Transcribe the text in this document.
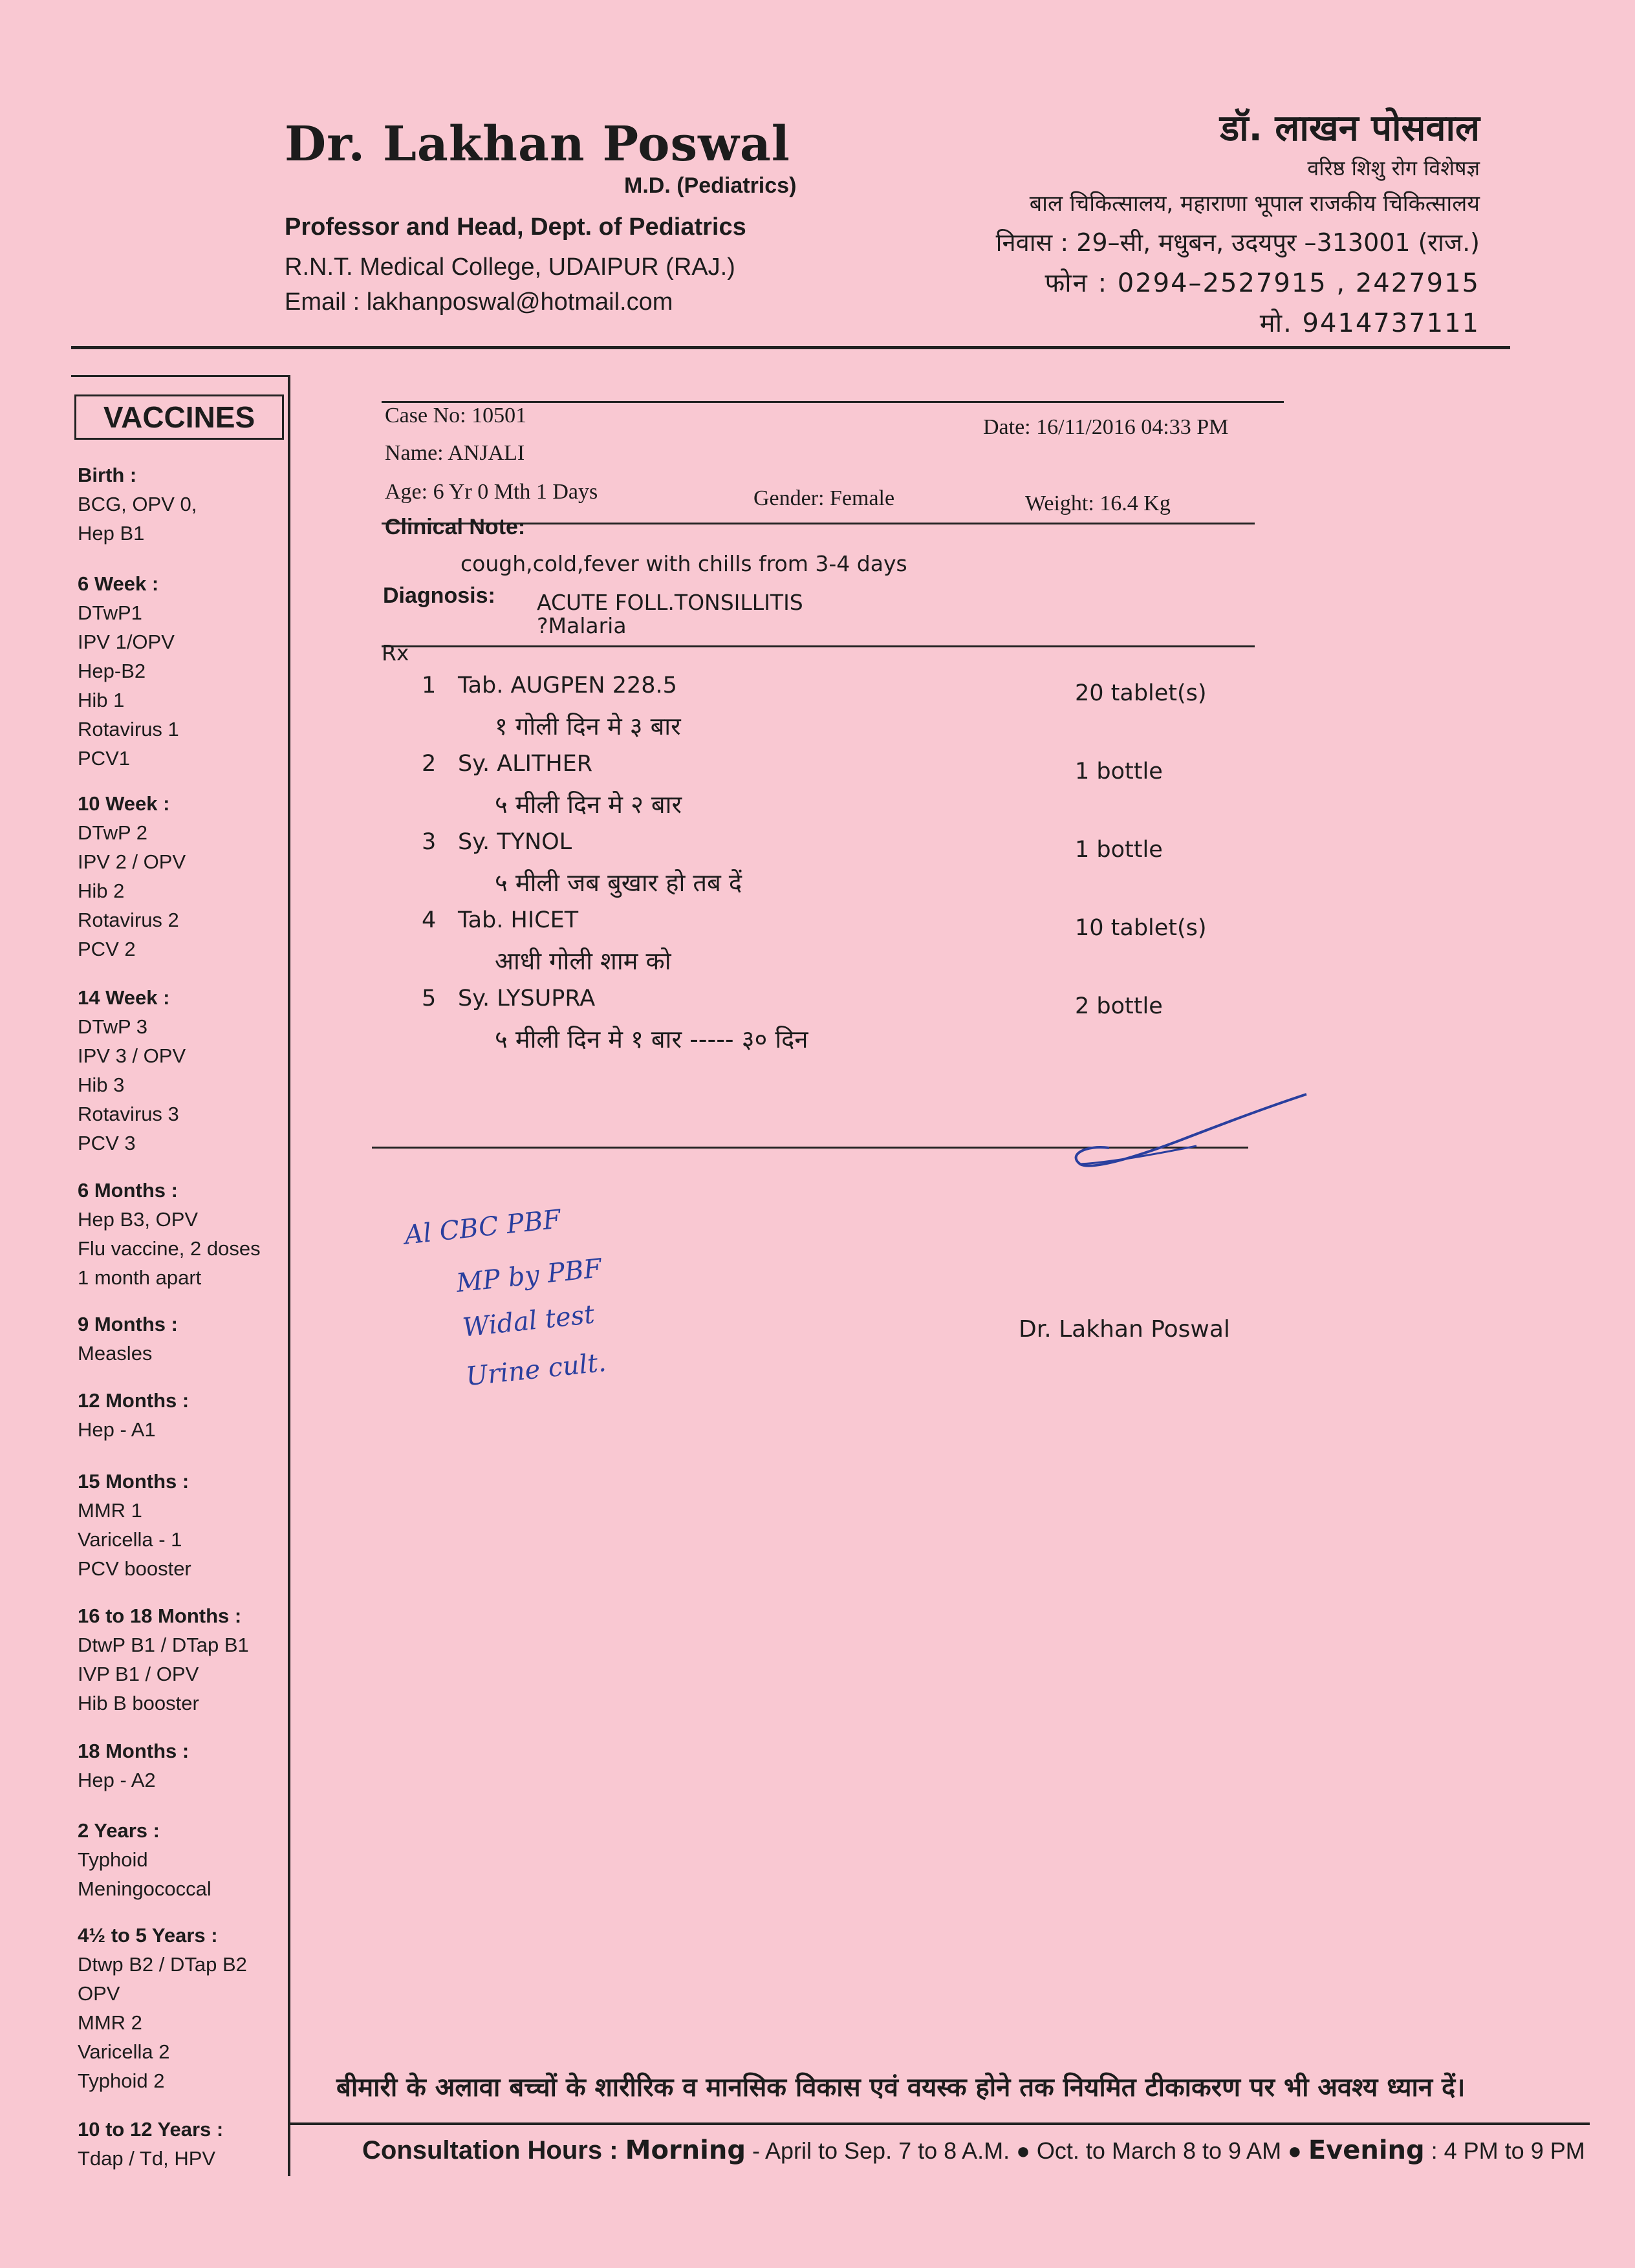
Dr. Lakhan Poswal
M.D. (Pediatrics)
Professor and Head, Dept. of Pediatrics
R.N.T. Medical College, UDAIPUR (RAJ.)
Email : lakhanposwal@hotmail.com
डॉ. लाखन पोसवाल
वरिष्ठ शिशु रोग विशेषज्ञ
बाल चिकित्सालय, महाराणा भूपाल राजकीय चिकित्सालय
निवास : 29–सी, मधुबन, उदयपुर –313001 (राज.)
फोन : 0294–2527915 , 2427915
मो. 9414737111
VACCINES
Birth :
BCG, OPV 0,
Hep B1
6 Week :
DTwP1
IPV 1/OPV
Hep-B2
Hib 1
Rotavirus 1
PCV1
10 Week :
DTwP 2
IPV 2 / OPV
Hib 2
Rotavirus 2
PCV 2
14 Week :
DTwP 3
IPV 3 / OPV
Hib 3
Rotavirus 3
PCV 3
6 Months :
Hep B3, OPV
Flu vaccine, 2 doses
1 month apart
9 Months :
Measles
12 Months :
Hep - A1
15 Months :
MMR 1
Varicella - 1
PCV booster
16 to 18 Months :
DtwP B1 / DTap B1
IVP B1 / OPV
Hib B booster
18 Months :
Hep - A2
2 Years :
Typhoid
Meningococcal
4½ to 5 Years :
Dtwp B2 / DTap B2
OPV
MMR 2
Varicella 2
Typhoid 2
10 to 12 Years :
Tdap / Td, HPV
Case No: 10501	Date: 16/11/2016 04:33 PM
Name: ANJALI
Age: 6 Yr 0 Mth 1 Days	Gender: Female	Weight: 16.4 Kg
Clinical Note:
cough,cold,fever with chills from 3-4 days
Diagnosis: ACUTE FOLL.TONSILLITIS
?Malaria
Rx
1 Tab. AUGPEN 228.5
१ गोली दिन मे ३ बार
20 tablet(s)
2 Sy. ALITHER
५ मीली दिन मे २ बार
1 bottle
3 Sy. TYNOL
५ मीली जब बुखार हो तब दें
1 bottle
4 Tab. HICET
आधी गोली शाम को
10 tablet(s)
5 Sy. LYSUPRA
५ मीली दिन मे १ बार ----- ३० दिन
2 bottle
Al CBC PBF
MP by PBF
Widal test
Urine cult.
Dr. Lakhan Poswal
बीमारी के अलावा बच्चों के शारीरिक व मानसिक विकास एवं वयस्क होने तक नियमित टीकाकरण पर भी अवश्य ध्यान दें।
Consultation Hours : Morning - April to Sep. 7 to 8 A.M. ● Oct. to March 8 to 9 AM ● Evening : 4 PM to 9 PM
